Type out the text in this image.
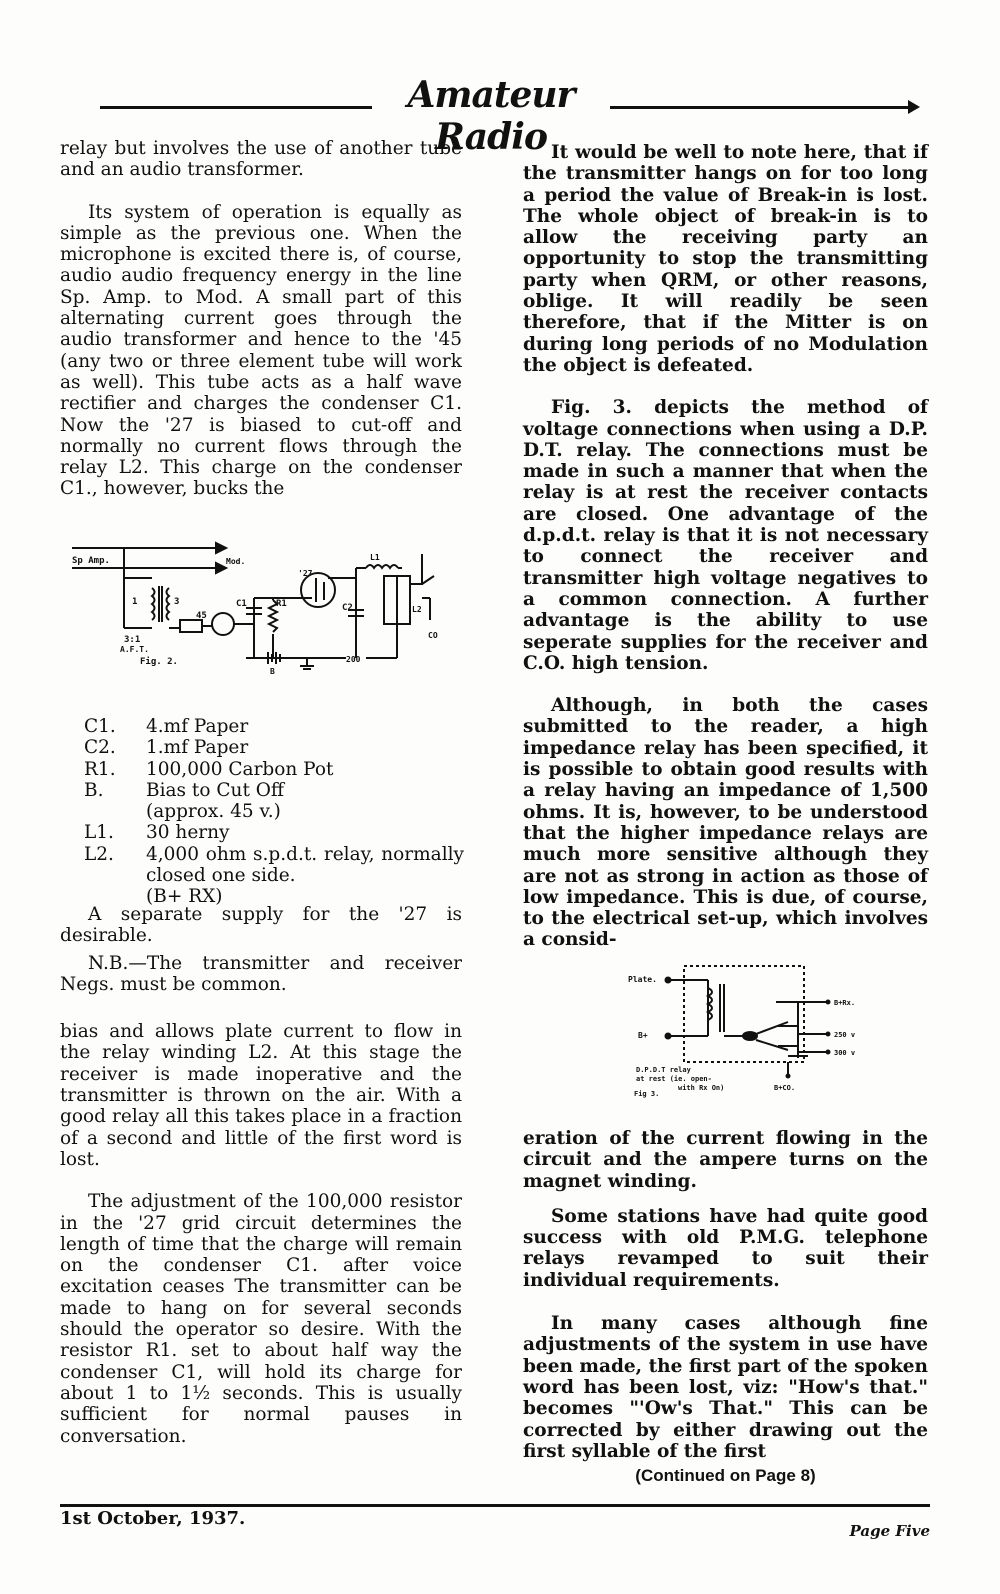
Amateur Radio

relay but involves the use of another tube and an audio transformer.

Its system of operation is equally as simple as the previous one. When the microphone is excited there is, of course, audio audio frequency energy in the line Sp. Amp. to Mod. A small part of this alternating current goes through the audio transformer and hence to the '45 (any two or three element tube will work as well). This tube acts as a half wave rectifier and charges the condenser C1. Now the '27 is biased to cut-off and normally no current flows through the relay L2. This charge on the condenser C1., however, bucks the

Sp Amp.	Mod.
3:1
A.F.T.
1	3
45
C1	R1	C2
L1
L2
'27
B
200
CO
Fig. 2.
C1.	4.mf Paper
C2.	1.mf Paper
R1.	100,000 Carbon Pot
B.	Bias to Cut Off
(approx. 45 v.)
L1.	30 herny
L2.	4,000 ohm s.p.d.t. relay, normally closed one side.
(B+ RX)

A separate supply for the '27 is desirable.

N.B.—The transmitter and receiver Negs. must be common.

bias and allows plate current to flow in the relay winding L2. At this stage the receiver is made inoperative and the transmitter is thrown on the air. With a good relay all this takes place in a fraction of a second and little of the first word is lost.

The adjustment of the 100,000 resistor in the '27 grid circuit determines the length of time that the charge will remain on the condenser C1. after voice excitation ceases The transmitter can be made to hang on for several seconds should the operator so desire. With the resistor R1. set to about half way the condenser C1, will hold its charge for about 1 to 1½ seconds. This is usually sufficient for normal pauses in conversation.

It would be well to note here, that if the transmitter hangs on for too long a period the value of Break-in is lost. The whole object of break-in is to allow the receiving party an opportunity to stop the transmitting party when QRM, or other reasons, oblige. It will readily be seen therefore, that if the Mitter is on during long periods of no Modulation the object is defeated.

Fig. 3. depicts the method of voltage connections when using a D.P. D.T. relay. The connections must be made in such a manner that when the relay is at rest the receiver contacts are closed. One advantage of the d.p.d.t. relay is that it is not necessary to connect the receiver and transmitter high voltage negatives to a common connection. A further advantage is the ability to use seperate supplies for the receiver and C.O. high tension.

Although, in both the cases submitted to the reader, a high impedance relay has been specified, it is possible to obtain good results with a relay having an impedance of 1,500 ohms. It is, however, to be understood that the higher impedance relays are much more sensitive although they are not as strong in action as those of low impedance. This is due, of course, to the electrical set-up, which involves a consid-

Plate.
B+
B+Rx.
250 v
300 v
B+CO.
D.P.D.T relay
at rest (ie. open-
with Rx On)
Fig 3.

eration of the current flowing in the circuit and the ampere turns on the magnet winding.

Some stations have had quite good success with old P.M.G. telephone relays revamped to suit their individual requirements.

In many cases although fine adjustments of the system in use have been made, the first part of the spoken word has been lost, viz: "How's that." becomes "'Ow's That." This can be corrected by either drawing out the first syllable of the first

(Continued on Page 8)
1st October, 1937.
Page Five
